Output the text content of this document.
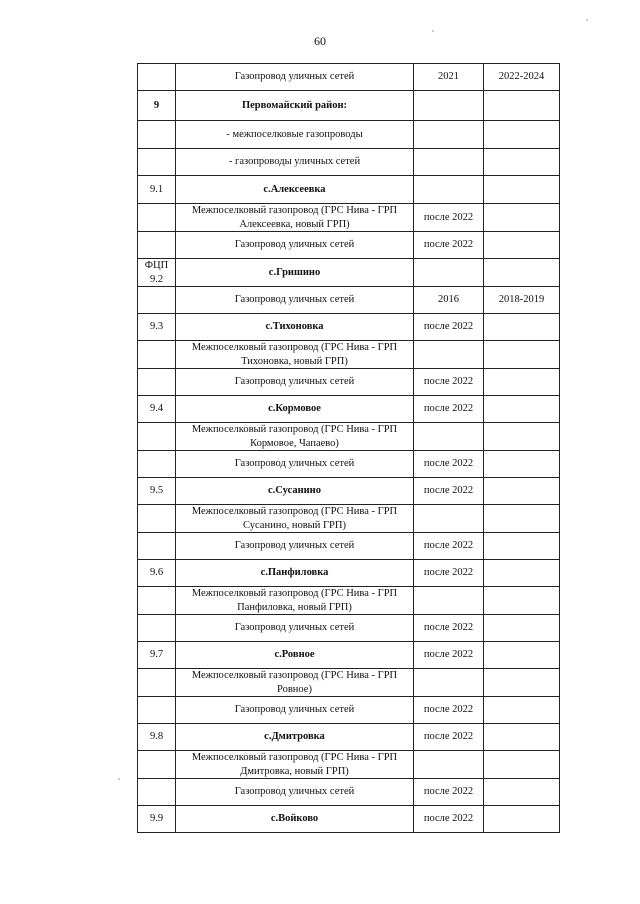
60
	Газопровод уличных сетей	2021	2022-2024
9	Первомайский район:		
	- межпоселковые газопроводы		
	- газопроводы уличных сетей		
9.1	с.Алексеевка		
	Межпоселковый газопровод (ГРС Нива - ГРП Алексеевка, новый ГРП)	после 2022	
	Газопровод уличных сетей	после 2022	
ФЦП 9.2	с.Гришино		
	Газопровод уличных сетей	2016	2018-2019
9.3	с.Тихоновка	после 2022	
	Межпоселковый газопровод (ГРС Нива - ГРП Тихоновка, новый ГРП)		
	Газопровод уличных сетей	после 2022	
9.4	с.Кормовое	после 2022	
	Межпоселковый газопровод (ГРС Нива - ГРП Кормовое, Чапаево)		
	Газопровод уличных сетей	после 2022	
9.5	с.Сусанино	после 2022	
	Межпоселковый газопровод (ГРС Нива - ГРП Сусанино, новый ГРП)		
	Газопровод уличных сетей	после 2022	
9.6	с.Панфиловка	после 2022	
	Межпоселковый газопровод (ГРС Нива - ГРП Панфиловка, новый ГРП)		
	Газопровод уличных сетей	после 2022	
9.7	с.Ровное	после 2022	
	Межпоселковый газопровод (ГРС Нива - ГРП Ровное)		
	Газопровод уличных сетей	после 2022	
9.8	с.Дмитровка	после 2022	
	Межпоселковый газопровод (ГРС Нива - ГРП Дмитровка, новый ГРП)		
	Газопровод уличных сетей	после 2022	
9.9	с.Войково	после 2022	
